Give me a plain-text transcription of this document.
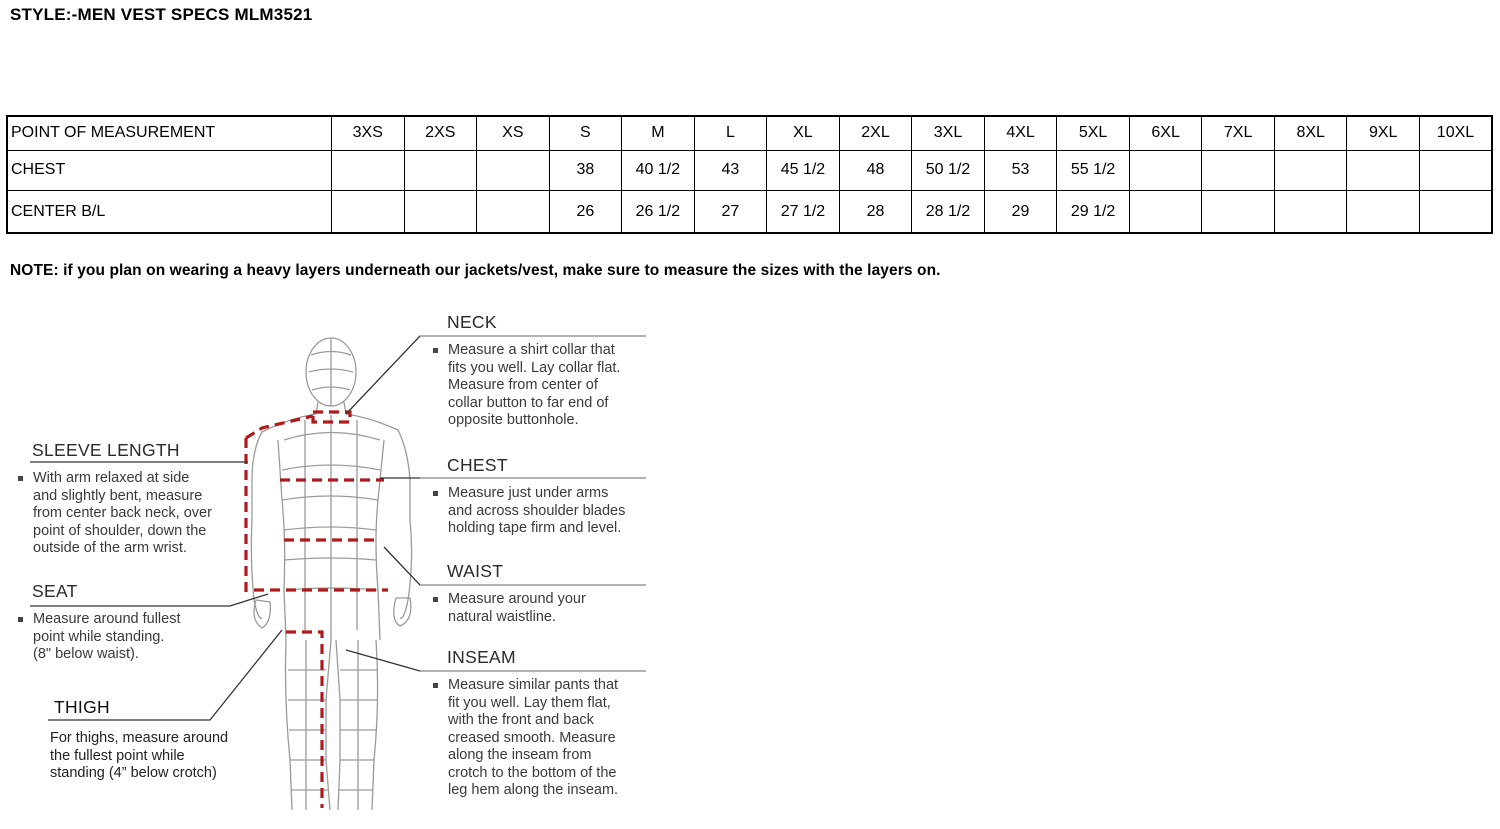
STYLE:-MEN VEST SPECS MLM3521
POINT OF MEASUREMENT	3XS	2XS	XS	S	M	L	XL	2XL	3XL	4XL	5XL	6XL	7XL	8XL	9XL	10XL
CHEST				38	40 1/2	43	45 1/2	48	50 1/2	53	55 1/2					
CENTER B/L				26	26 1/2	27	27 1/2	28	28 1/2	29	29 1/2					
NOTE: if you plan on wearing a heavy layers underneath our jackets/vest, make sure to measure the sizes with the layers on.
NECK
Measure a shirt collar that
fits you well. Lay collar flat.
Measure from center of
collar button to far end of
opposite buttonhole.
CHEST
Measure just under arms
and across shoulder blades
holding tape firm and level.
WAIST
Measure around your
natural waistline.
INSEAM
Measure similar pants that
fit you well. Lay them flat,
with the front and back
creased smooth. Measure
along the inseam from
crotch to the bottom of the
leg hem along the inseam.
SLEEVE LENGTH
With arm relaxed at side
and slightly bent, measure
from center back neck, over
point of shoulder, down the
outside of the arm wrist.
SEAT
Measure around fullest
point while standing.
(8" below waist).
THIGH
For thighs, measure around
the fullest point while
standing (4” below crotch)
